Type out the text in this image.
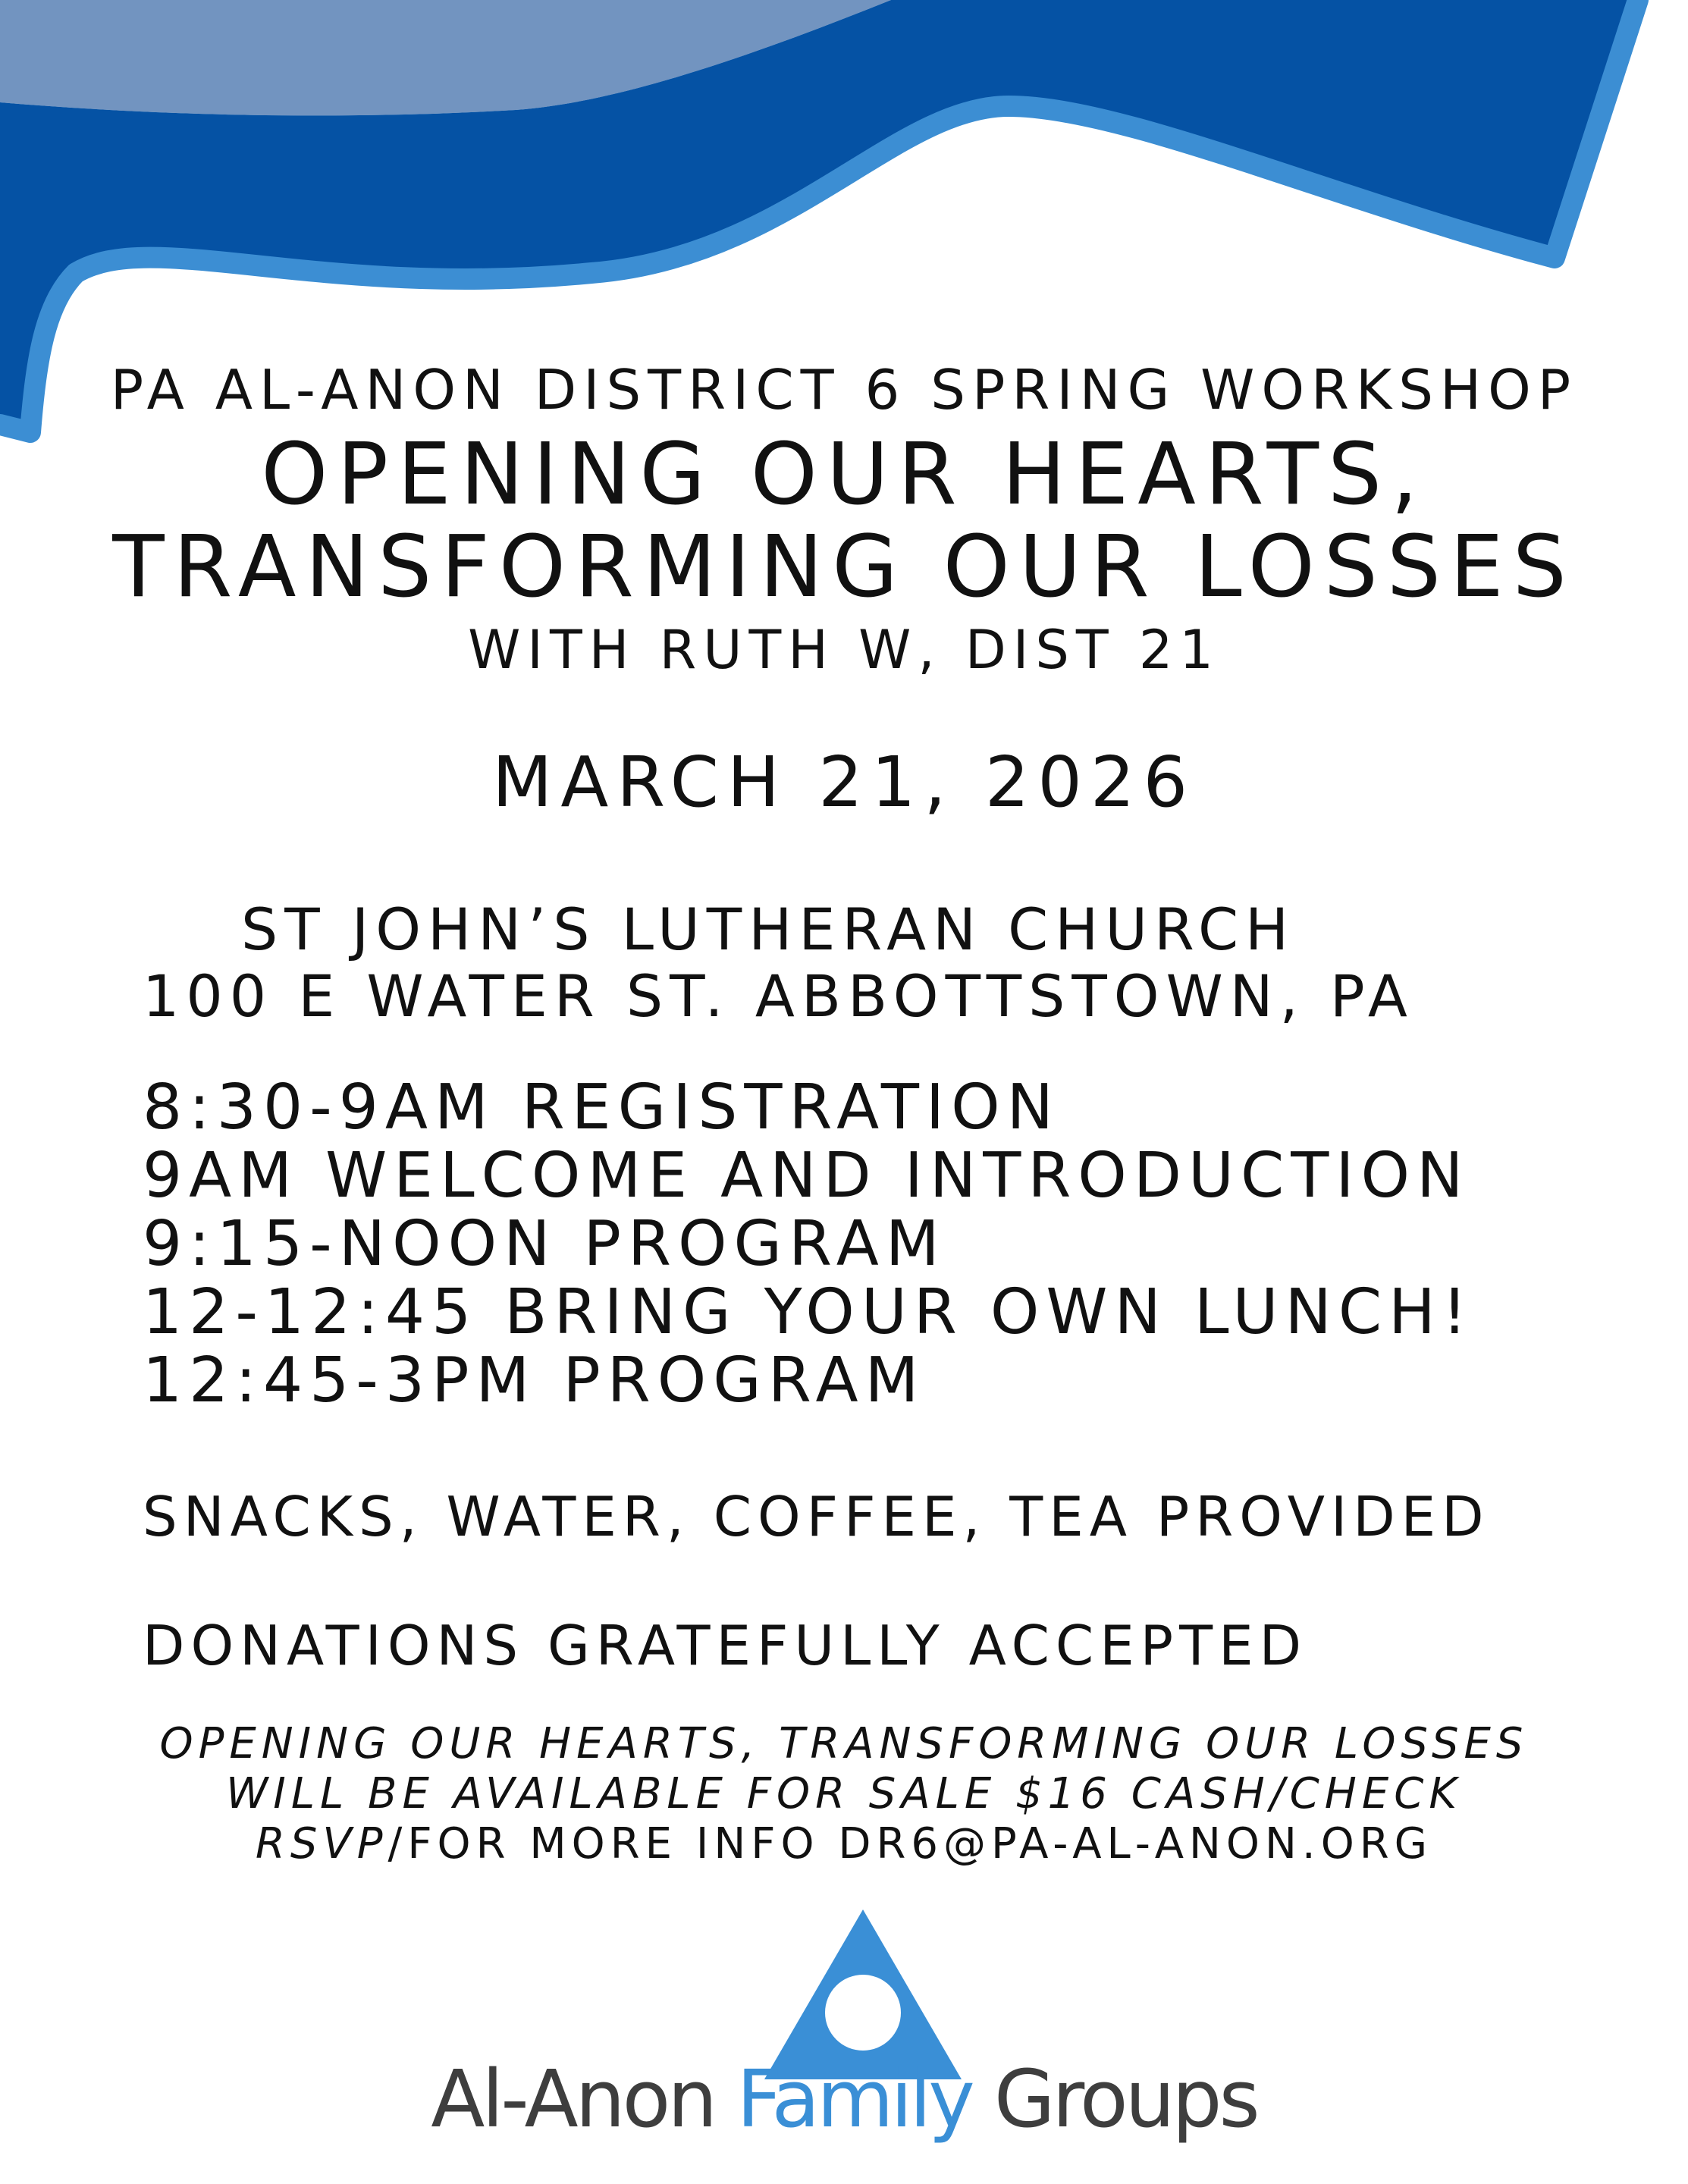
PA AL-ANON DISTRICT 6 SPRING WORKSHOP
OPENING OUR HEARTS,
TRANSFORMING OUR LOSSES
WITH RUTH W, DIST 21
MARCH 21, 2026
ST JOHN’S LUTHERAN CHURCH
100 E WATER ST. ABBOTTSTOWN, PA
8:30-9AM REGISTRATION
9AM WELCOME AND INTRODUCTION
9:15-NOON PROGRAM
12-12:45 BRING YOUR OWN LUNCH!
12:45-3PM PROGRAM
SNACKS, WATER, COFFEE, TEA PROVIDED
DONATIONS GRATEFULLY ACCEPTED
OPENING OUR HEARTS, TRANSFORMING OUR LOSSES
WILL BE AVAILABLE FOR SALE $16 CASH/CHECK
RSVP/FOR MORE INFO DR6@PA-AL-ANON.ORG
Al-Anon Family Groups
